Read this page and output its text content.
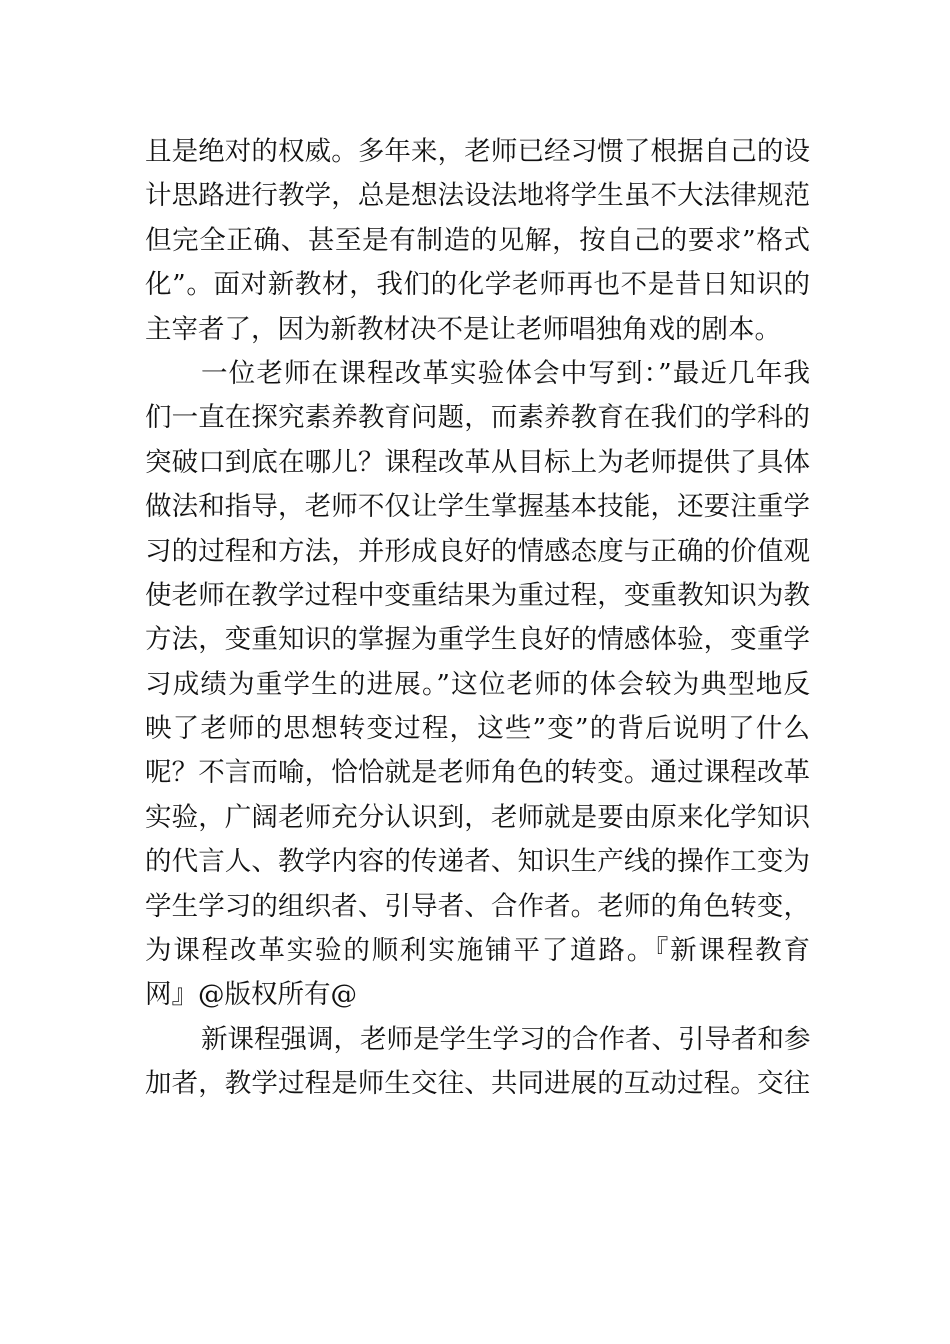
且是绝对的权威。多年来，老师已经习惯了根据自己的设
计思路进行教学，总是想法设法地将学生虽不大法律规范
但完全正确、甚至是有制造的见解，按自己的要求”格式
化”。面对新教材，我们的化学老师再也不是昔日知识的
主宰者了，因为新教材决不是让老师唱独角戏的剧本。
一位老师在课程改革实验体会中写到：”最近几年我
们一直在探究素养教育问题，而素养教育在我们的学科的
突破口到底在哪儿？课程改革从目标上为老师提供了具体
做法和指导，老师不仅让学生掌握基本技能，还要注重学
习的过程和方法，并形成良好的情感态度与正确的价值观
使老师在教学过程中变重结果为重过程，变重教知识为教
方法，变重知识的掌握为重学生良好的情感体验，变重学
习成绩为重学生的进展。”这位老师的体会较为典型地反
映了老师的思想转变过程，这些”变”的背后说明了什么
呢？不言而喻，恰恰就是老师角色的转变。通过课程改革
实验，广阔老师充分认识到，老师就是要由原来化学知识
的代言人、教学内容的传递者、知识生产线的操作工变为
学生学习的组织者、引导者、合作者。老师的角色转变，
为课程改革实验的顺利实施铺平了道路。『新课程教育
网』@版权所有@
新课程强调，老师是学生学习的合作者、引导者和参
加者，教学过程是师生交往、共同进展的互动过程。交往
